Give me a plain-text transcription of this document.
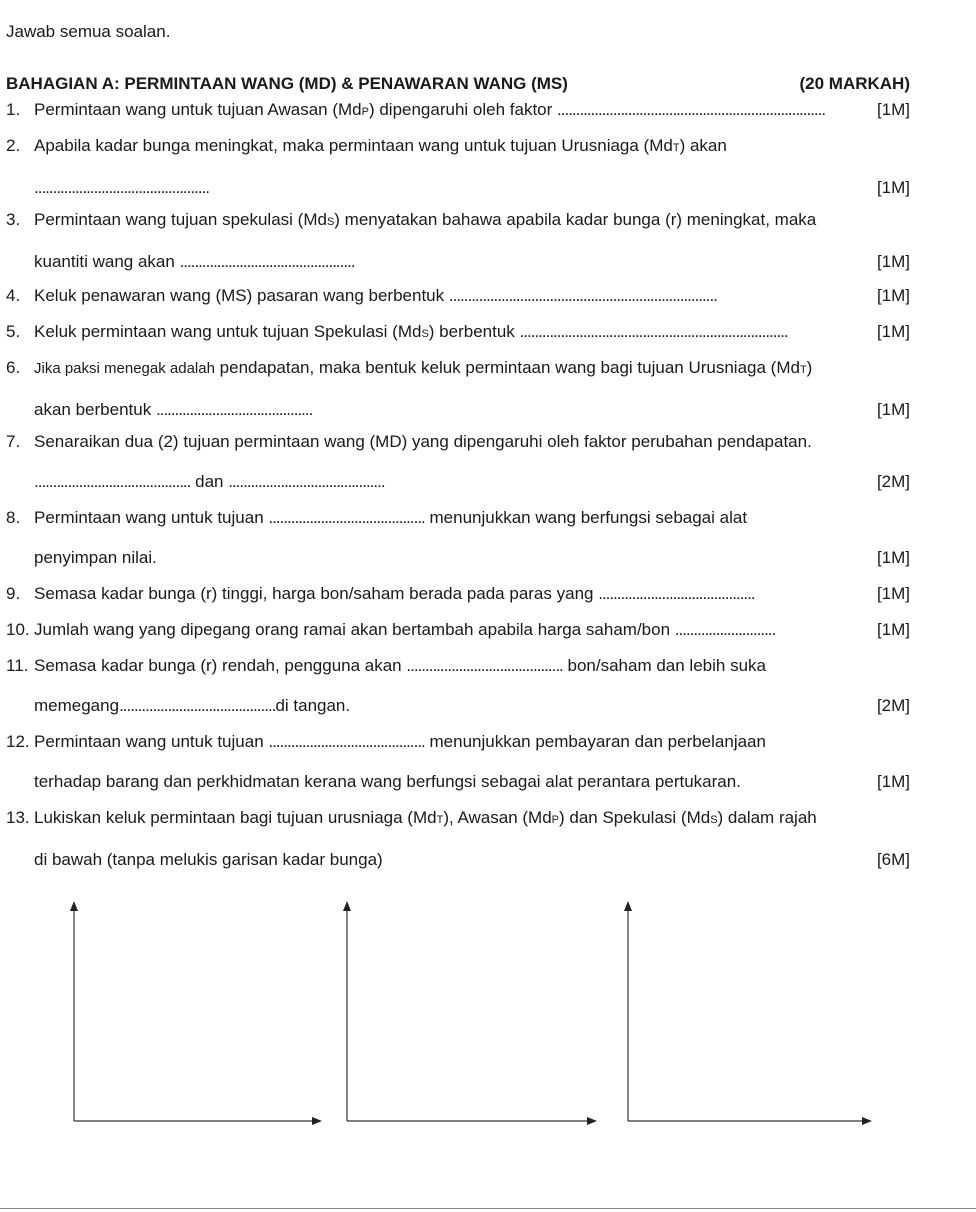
Jawab semua soalan.
BAHAGIAN A: PERMINTAAN WANG (MD) & PENAWARAN WANG (MS)	(20 MARKAH)
1. Permintaan wang untuk tujuan Awasan (MdP) dipengaruhi oleh faktor ........................................................................	[1M]
2. Apabila kadar bunga meningkat, maka permintaan wang untuk tujuan Urusniaga (MdT) akan
...............................................	[1M]
3. Permintaan wang tujuan spekulasi (MdS) menyatakan bahawa apabila kadar bunga (r) meningkat, maka
kuantiti wang akan ...............................................	[1M]
4. Keluk penawaran wang (MS) pasaran wang berbentuk ........................................................................	[1M]
5. Keluk permintaan wang untuk tujuan Spekulasi (MdS) berbentuk ........................................................................	[1M]
6. Jika paksi menegak adalah pendapatan, maka bentuk keluk permintaan wang bagi tujuan Urusniaga (MdT)
akan berbentuk ..........................................	[1M]
7. Senaraikan dua (2) tujuan permintaan wang (MD) yang dipengaruhi oleh faktor perubahan pendapatan.
.......................................... dan ..........................................	[2M]
8. Permintaan wang untuk tujuan .......................................... menunjukkan wang berfungsi sebagai alat
penyimpan nilai.	[1M]
9. Semasa kadar bunga (r) tinggi, harga bon/saham berada pada paras yang ..........................................	[1M]
10. Jumlah wang yang dipegang orang ramai akan bertambah apabila harga saham/bon ...........................	[1M]
11. Semasa kadar bunga (r) rendah, pengguna akan .......................................... bon/saham dan lebih suka
memegang..........................................di tangan.	[2M]
12. Permintaan wang untuk tujuan .......................................... menunjukkan pembayaran dan perbelanjaan
terhadap barang dan perkhidmatan kerana wang berfungsi sebagai alat perantara pertukaran.	[1M]
13. Lukiskan keluk permintaan bagi tujuan urusniaga (MdT), Awasan (MdP) dan Spekulasi (MdS) dalam rajah
di bawah (tanpa melukis garisan kadar bunga)	[6M]
